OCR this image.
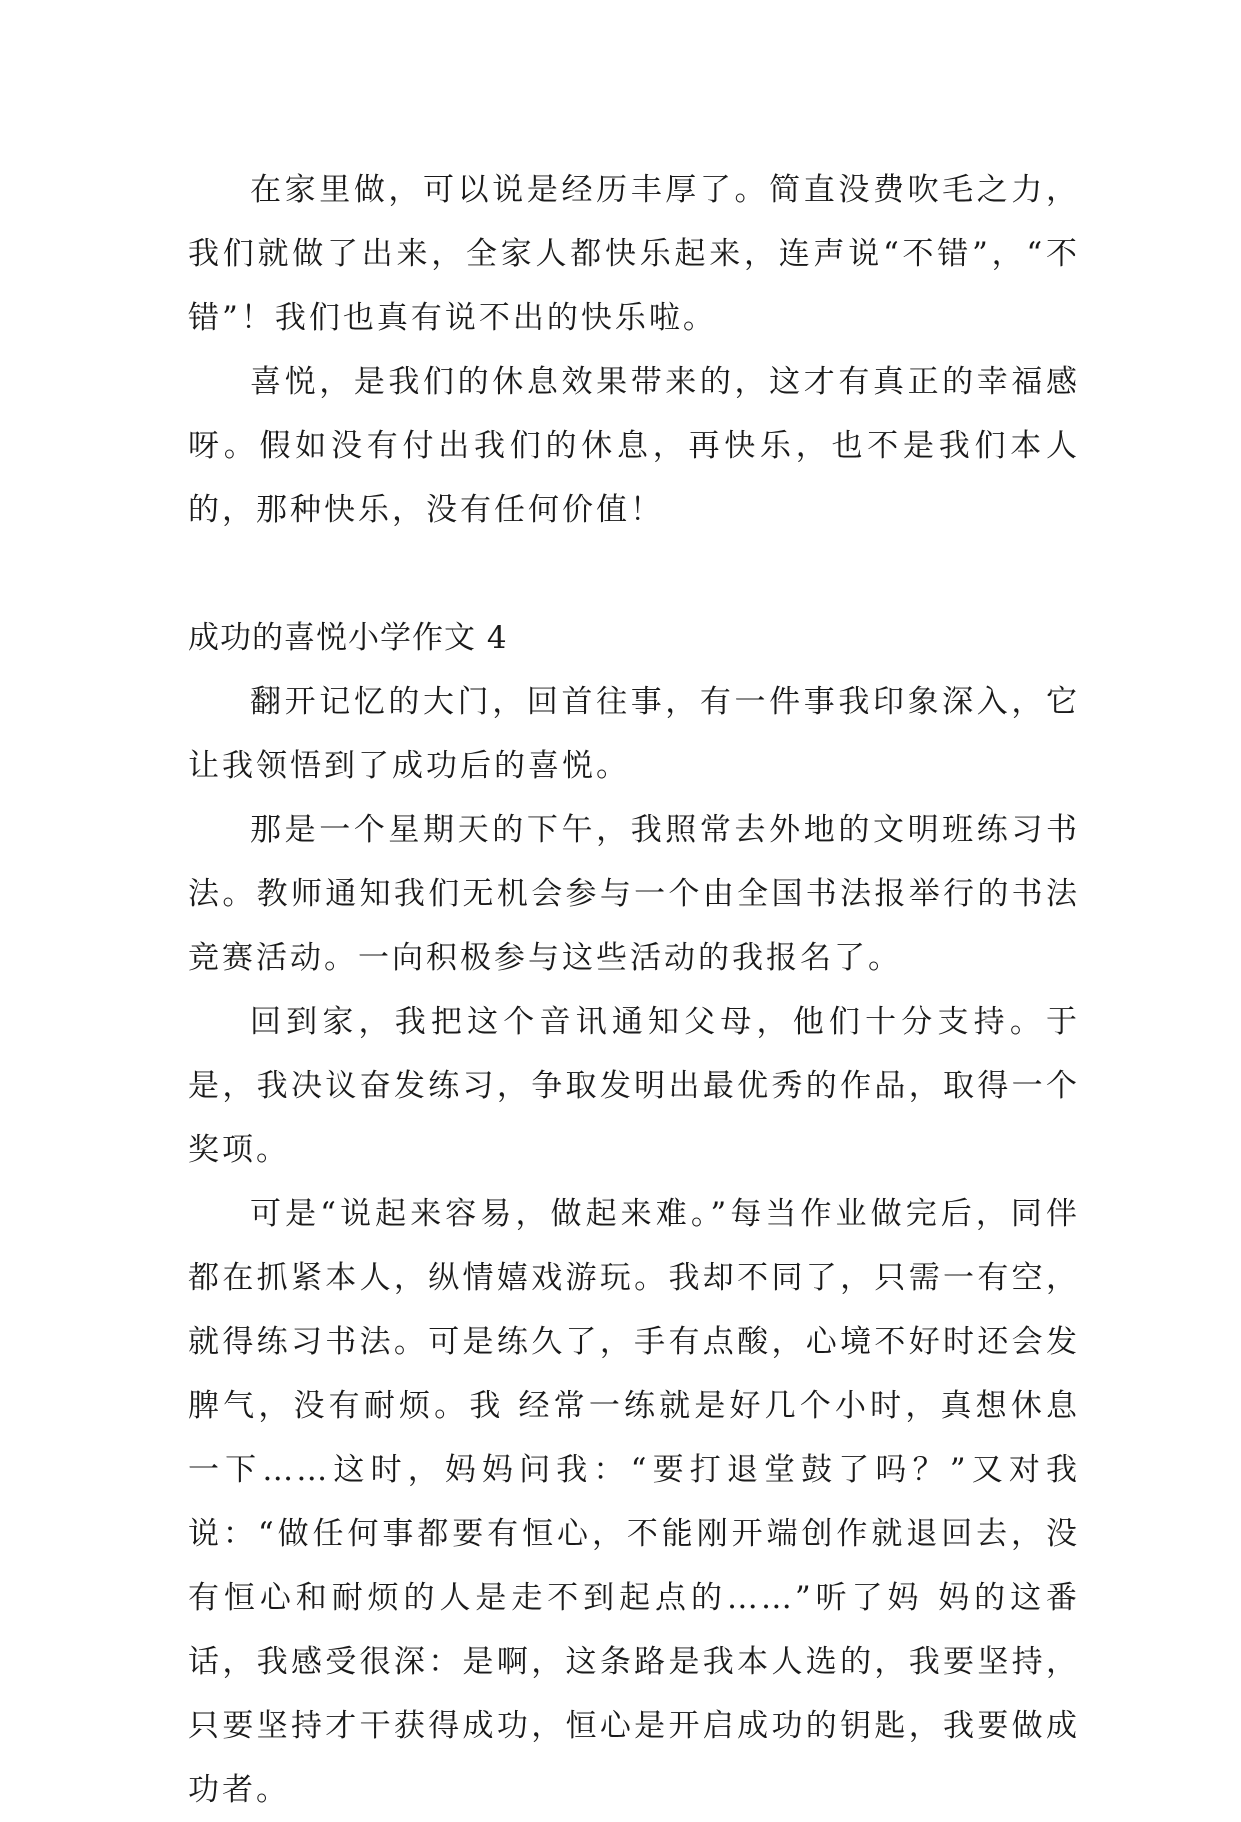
在家里做，可以说是经历丰厚了。简直没费吹毛之力，我们就做了出来，全家人都快乐起来，连声说“不错”，“不错”！我们也真有说不出的快乐啦。

喜悦，是我们的休息效果带来的，这才有真正的幸福感呀。假如没有付出我们的休息，再快乐，也不是我们本人的，那种快乐，没有任何价值！

成功的喜悦小学作文 4

翻开记忆的大门，回首往事，有一件事我印象深入，它让我领悟到了成功后的喜悦。

那是一个星期天的下午，我照常去外地的文明班练习书法。教师通知我们无机会参与一个由全国书法报举行的书法竞赛活动。一向积极参与这些活动的我报名了。

回到家，我把这个音讯通知父母，他们十分支持。于是，我决议奋发练习，争取发明出最优秀的作品，取得一个奖项。

可是“说起来容易，做起来难。”每当作业做完后，同伴都在抓紧本人，纵情嬉戏游玩。我却不同了，只需一有空，就得练习书法。可是练久了，手有点酸，心境不好时还会发脾气，没有耐烦。我 经常一练就是好几个小时，真想休息一下……这时，妈妈问我：“要打退堂鼓了吗？”又对我说：“做任何事都要有恒心，不能刚开端创作就退回去，没有恒心和耐烦的人是走不到起点的……”听了妈 妈的这番话，我感受很深：是啊，这条路是我本人选的，我要坚持，只要坚持才干获得成功，恒心是开启成功的钥匙，我要做成功者。
